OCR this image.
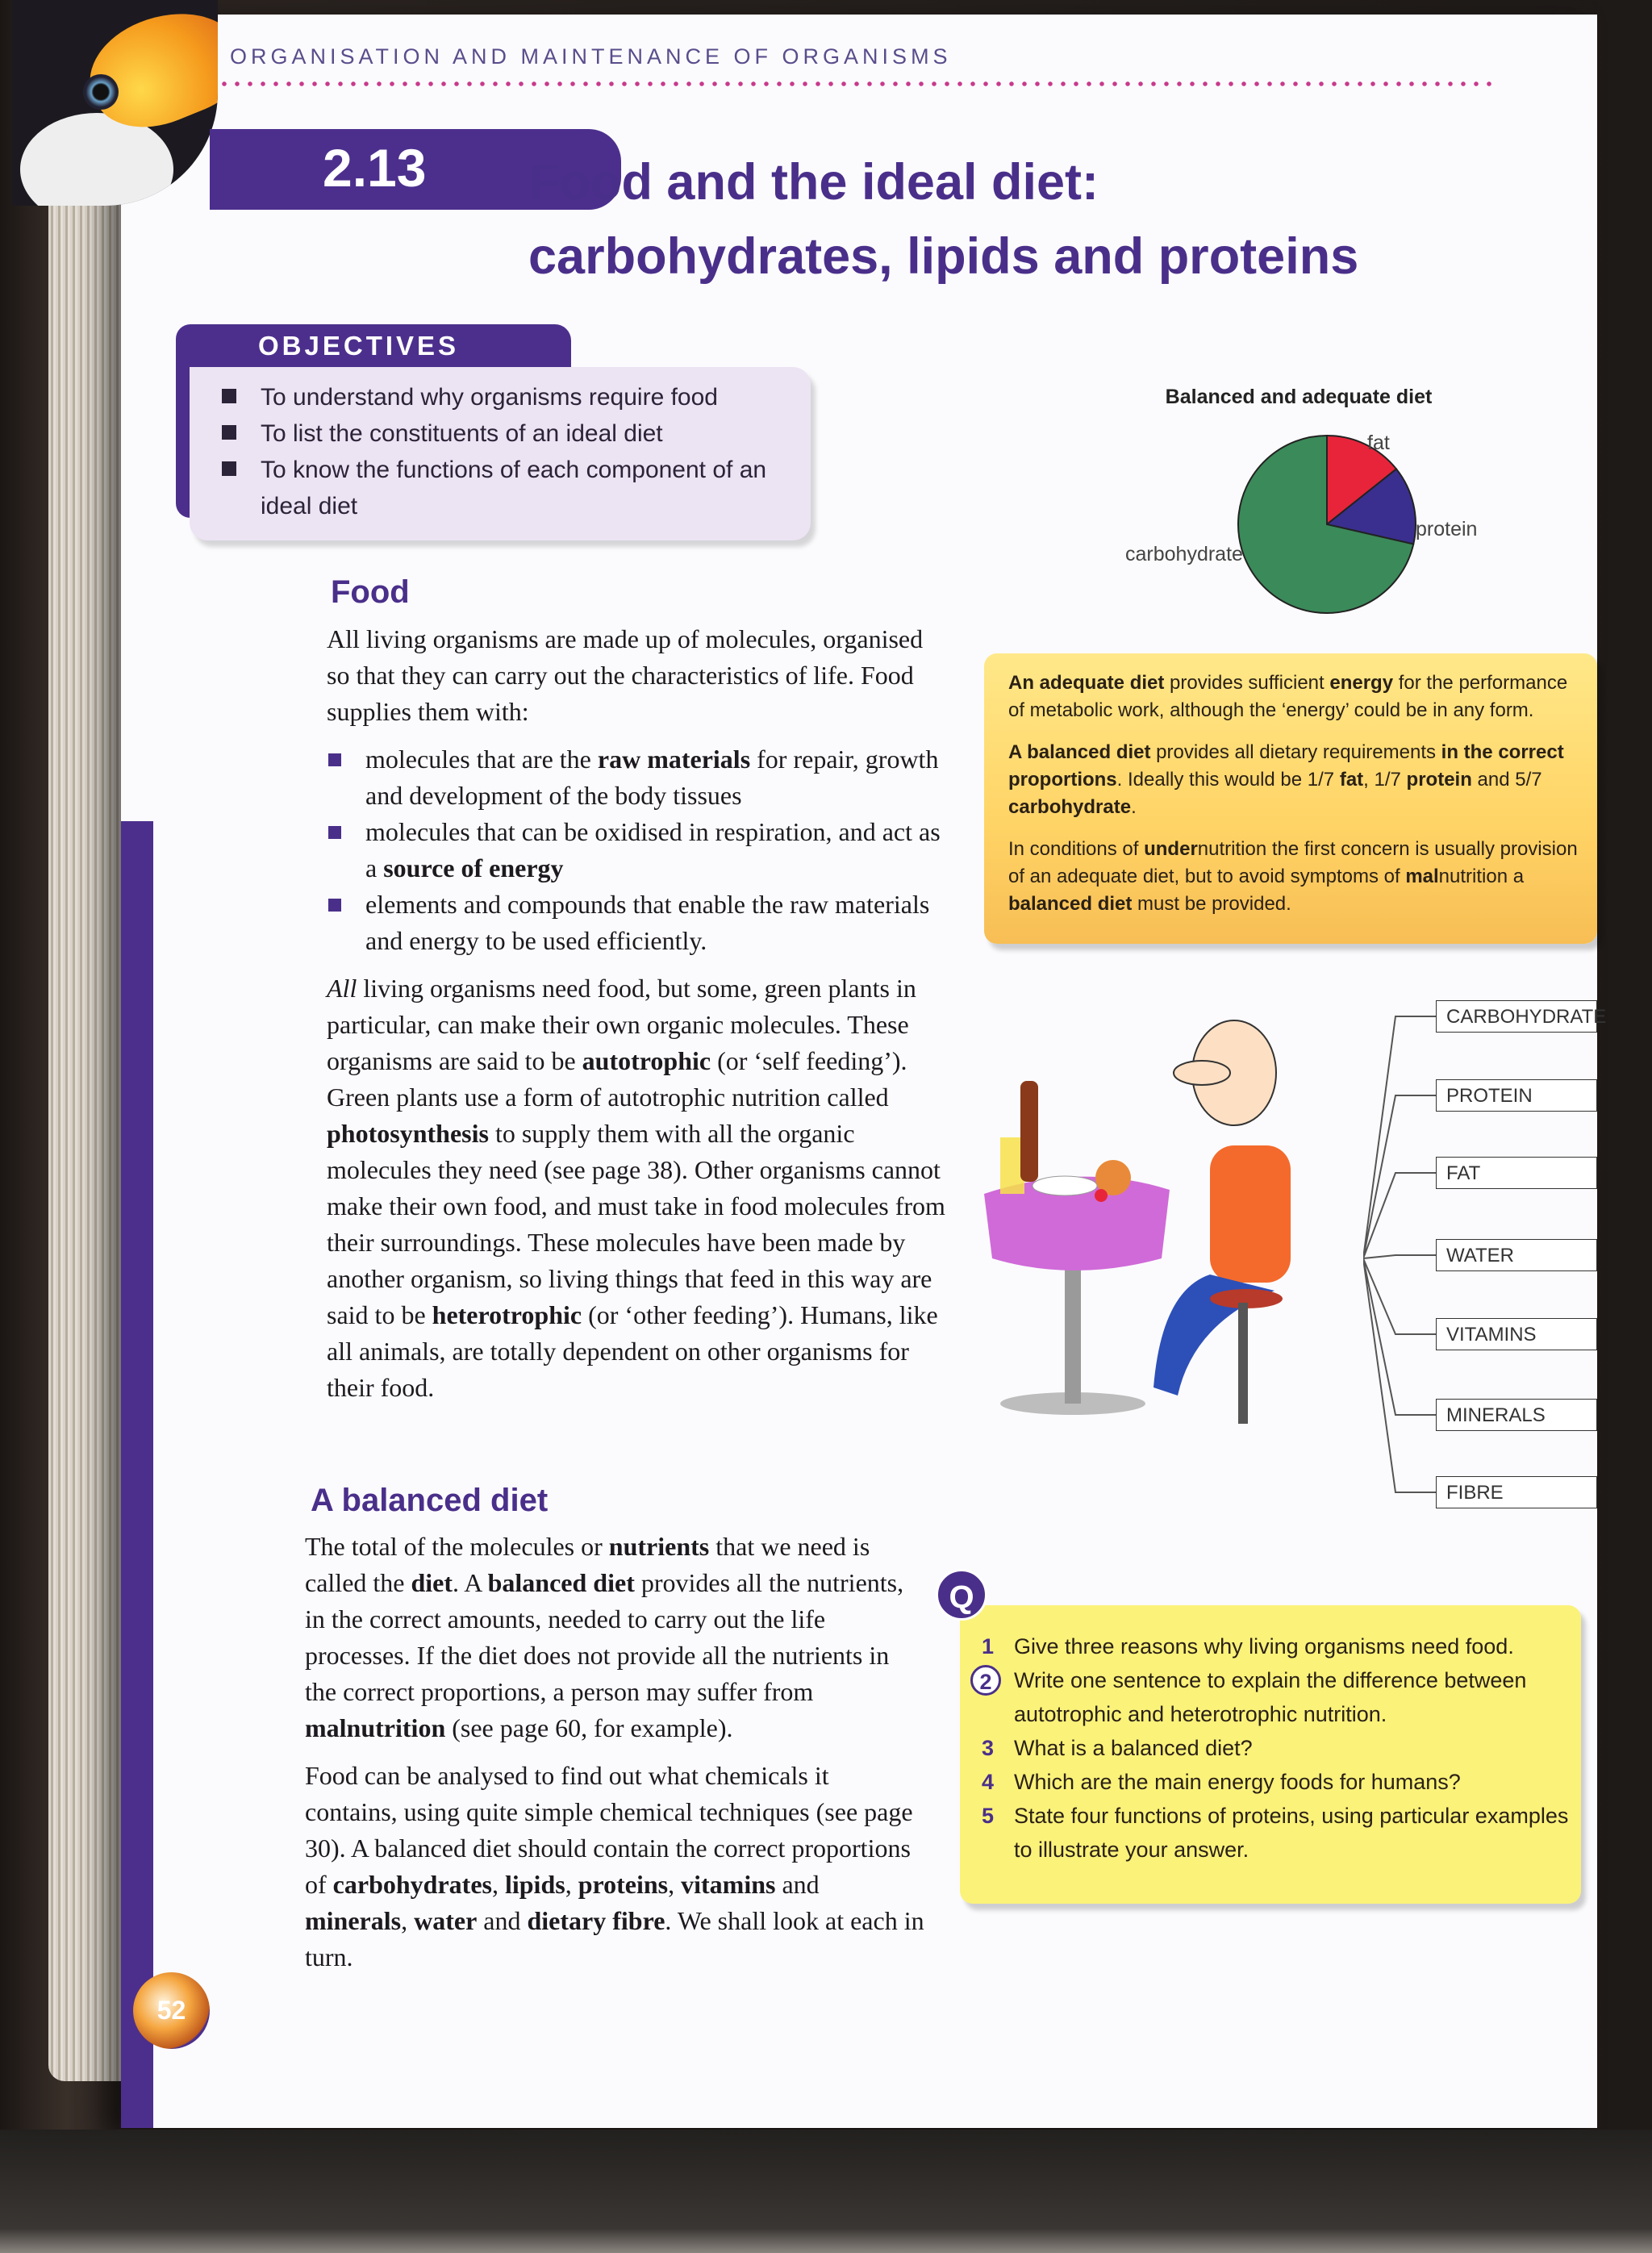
ORGANISATION AND MAINTENANCE OF ORGANISMS
2.13 Food and the ideal diet:
carbohydrates, lipids and proteins
OBJECTIVES
To understand why organisms require food
To list the constituents of an ideal diet
To know the functions of each component of an ideal diet
Food

All living organisms are made up of molecules, organised so that they can carry out the characteristics of life. Food supplies them with:

molecules that are the raw materials for repair, growth and development of the body tissues
molecules that can be oxidised in respiration, and act as a source of energy
elements and compounds that enable the raw materials and energy to be used efficiently.

All living organisms need food, but some, green plants in particular, can make their own organic molecules. These organisms are said to be autotrophic (or ‘self feeding’). Green plants use a form of autotrophic nutrition called photosynthesis to supply them with all the organic molecules they need (see page 38). Other organisms cannot make their own food, and must take in food molecules from their surroundings. These molecules have been made by another organism, so living things that feed in this way are said to be heterotrophic (or ‘other feeding’). Humans, like all animals, are totally dependent on other organisms for their food.

A balanced diet

The total of the molecules or nutrients that we need is called the diet. A balanced diet provides all the nutrients, in the correct amounts, needed to carry out the life processes. If the diet does not provide all the nutrients in the correct proportions, a person may suffer from malnutrition (see page 60, for example).

Food can be analysed to find out what chemicals it contains, using quite simple chemical techniques (see page 30). A balanced diet should contain the correct proportions of carbohydrates, lipids, proteins, vitamins and minerals, water and dietary fibre. We shall look at each in turn.

Balanced and adequate diet
fat
protein
carbohydrate

An adequate diet provides sufficient energy for the performance of metabolic work, although the ‘energy’ could be in any form.

A balanced diet provides all dietary requirements in the correct proportions. Ideally this would be 1/7 fat, 1/7 protein and 5/7 carbohydrate.

In conditions of undernutrition the first concern is usually provision of an adequate diet, but to avoid symptoms of malnutrition a balanced diet must be provided.

CARBOHYDRATE
PROTEIN
FAT
WATER
VITAMINS
MINERALS
FIBRE
Q
1 Give three reasons why living organisms need food.
2	Write one sentence to explain the difference between autotrophic and heterotrophic nutrition.
3 What is a balanced diet?
4 Which are the main energy foods for humans?
5 State four functions of proteins, using particular examples to illustrate your answer.
52
